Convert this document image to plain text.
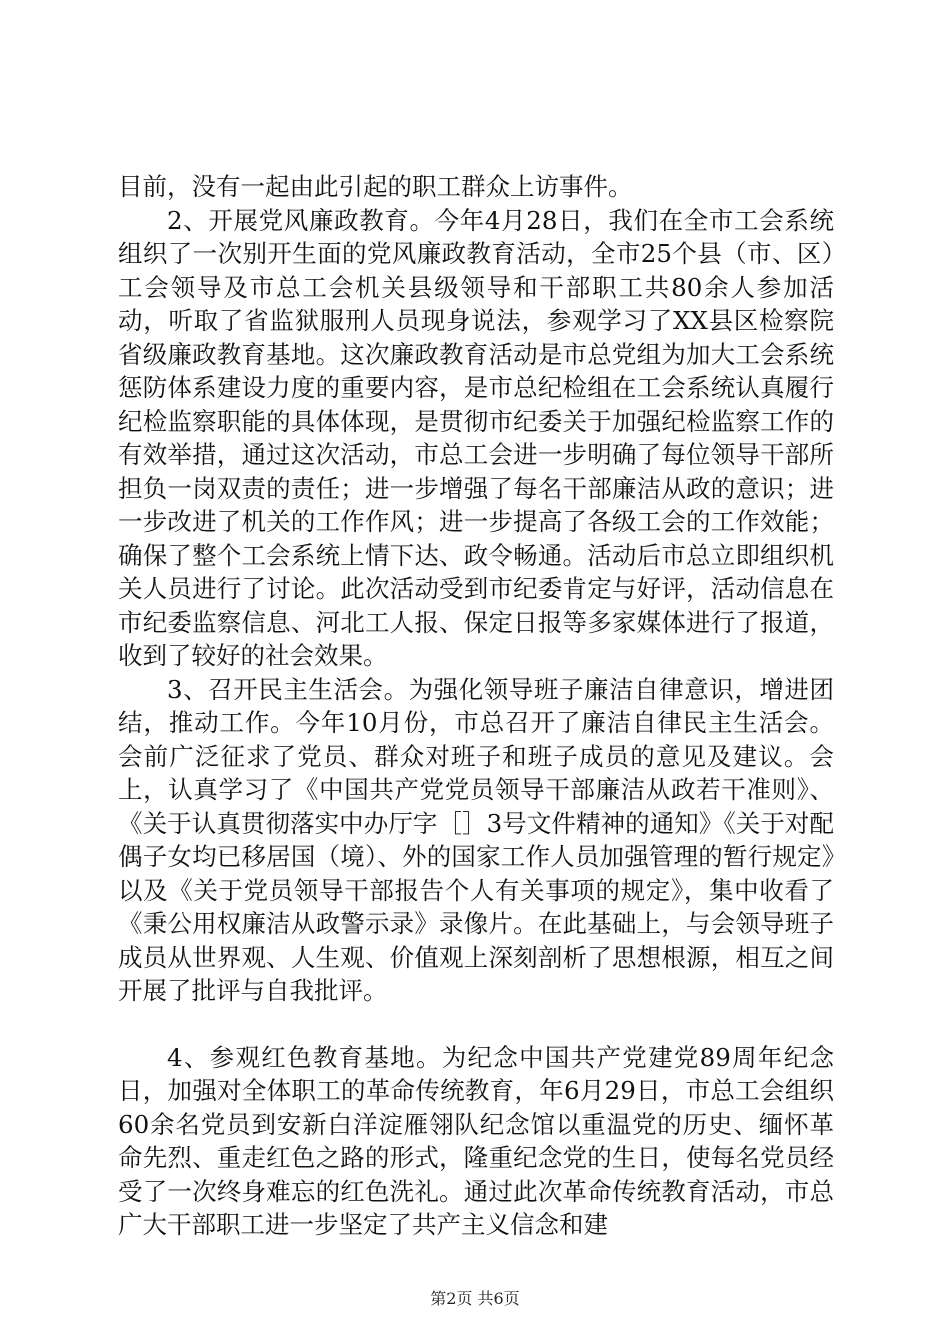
目前，没有一起由此引起的职工群众上访事件。

2、开展党风廉政教育。今年4月28日，我们在全市工会系统组织了一次别开生面的党风廉政教育活动，全市25个县（市、区）工会领导及市总工会机关县级领导和干部职工共80余人参加活动，听取了省监狱服刑人员现身说法，参观学习了XX县区检察院省级廉政教育基地。这次廉政教育活动是市总党组为加大工会系统惩防体系建设力度的重要内容，是市总纪检组在工会系统认真履行纪检监察职能的具体体现，是贯彻市纪委关于加强纪检监察工作的有效举措，通过这次活动，市总工会进一步明确了每位领导干部所担负一岗双责的责任；进一步增强了每名干部廉洁从政的意识；进一步改进了机关的工作作风；进一步提高了各级工会的工作效能；确保了整个工会系统上情下达、政令畅通。活动后市总立即组织机关人员进行了讨论。此次活动受到市纪委肯定与好评，活动信息在市纪委监察信息、河北工人报、保定日报等多家媒体进行了报道，收到了较好的社会效果。

3、召开民主生活会。为强化领导班子廉洁自律意识，增进团结，推动工作。今年10月份，市总召开了廉洁自律民主生活会。会前广泛征求了党员、群众对班子和班子成员的意见及建议。会上，认真学习了《中国共产党党员领导干部廉洁从政若干准则》、《关于认真贯彻落实中办厅字［］3号文件精神的通知》《关于对配偶子女均已移居国（境）、外的国家工作人员加强管理的暂行规定》以及《关于党员领导干部报告个人有关事项的规定》，集中收看了《秉公用权廉洁从政警示录》录像片。在此基础上，与会领导班子成员从世界观、人生观、价值观上深刻剖析了思想根源，相互之间开展了批评与自我批评。

4、参观红色教育基地。为纪念中国共产党建党89周年纪念日，加强对全体职工的革命传统教育，年6月29日，市总工会组织60余名党员到安新白洋淀雁翎队纪念馆以重温党的历史、缅怀革命先烈、重走红色之路的形式，隆重纪念党的生日，使每名党员经受了一次终身难忘的红色洗礼。通过此次革命传统教育活动，市总广大干部职工进一步坚定了共产主义信念和建

第2页 共6页
